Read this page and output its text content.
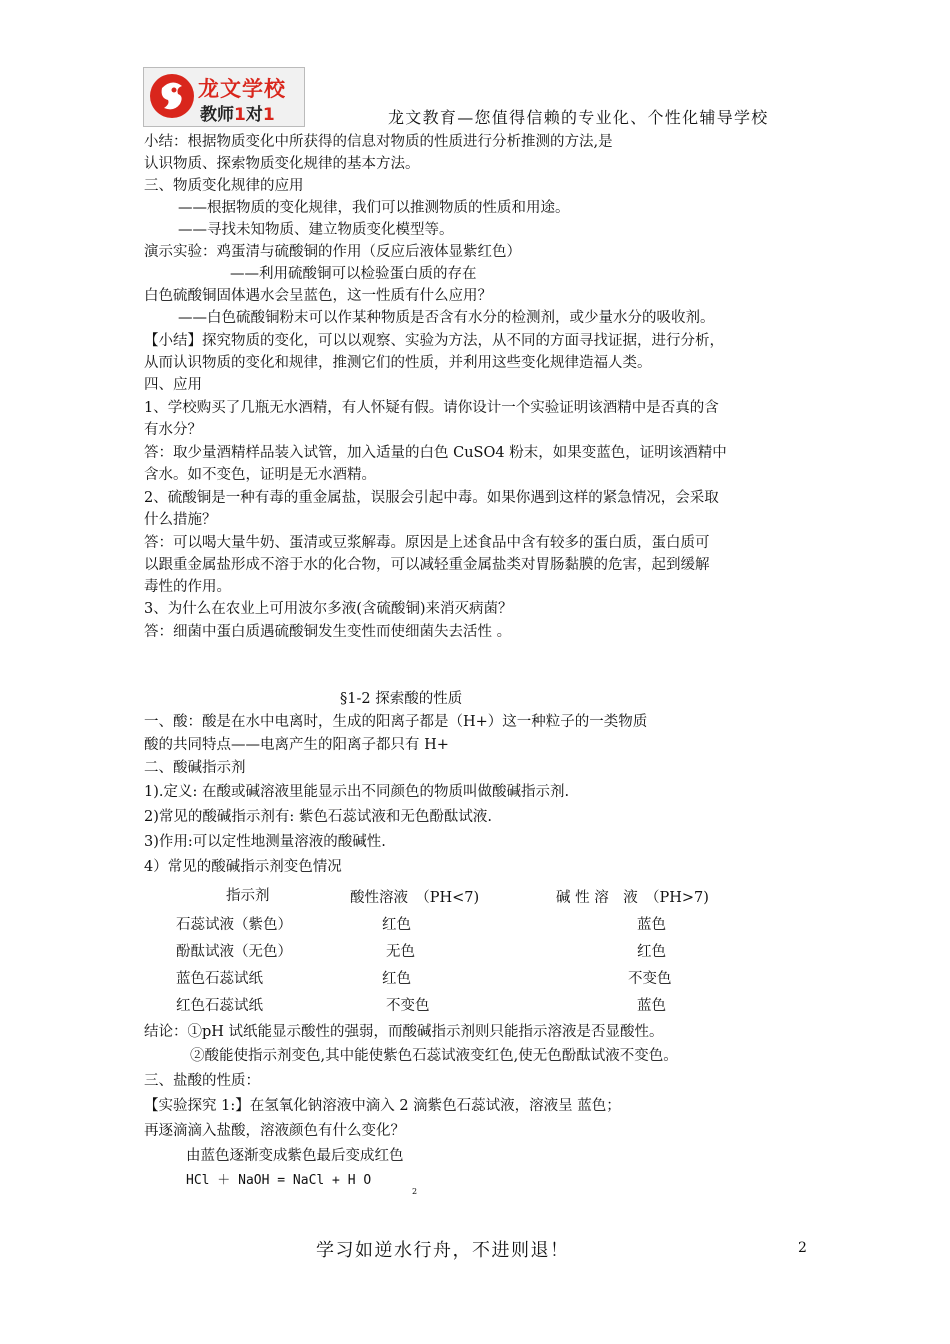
龙文学校
教师1对1	龙文教育—您值得信赖的专业化、个性化辅导学校
小结：根据物质变化中所获得的信息对物质的性质进行分析推测的方法,是
认识物质、探索物质变化规律的基本方法。
三、物质变化规律的应用
——根据物质的变化规律，我们可以推测物质的性质和用途。
——寻找未知物质、建立物质变化模型等。
演示实验：鸡蛋清与硫酸铜的作用（反应后液体显紫红色）
——利用硫酸铜可以检验蛋白质的存在
白色硫酸铜固体遇水会呈蓝色，这一性质有什么应用？
——白色硫酸铜粉末可以作某种物质是否含有水分的检测剂，或少量水分的吸收剂。
【小结】探究物质的变化，可以以观察、实验为方法，从不同的方面寻找证据，进行分析，
从而认识物质的变化和规律，推测它们的性质，并利用这些变化规律造福人类。
四、应用
1、学校购买了几瓶无水酒精，有人怀疑有假。请你设计一个实验证明该酒精中是否真的含
有水分？
答：取少量酒精样品装入试管，加入适量的白色 CuSO4 粉末，如果变蓝色，证明该酒精中
含水。如不变色，证明是无水酒精。
2、硫酸铜是一种有毒的重金属盐，误服会引起中毒。如果你遇到这样的紧急情况，会采取
什么措施？
答：可以喝大量牛奶、蛋清或豆浆解毒。原因是上述食品中含有较多的蛋白质，蛋白质可
以跟重金属盐形成不溶于水的化合物，可以减轻重金属盐类对胃肠黏膜的危害，起到缓解
毒性的作用。
3、为什么在农业上可用波尔多液(含硫酸铜)来消灭病菌？
答：细菌中蛋白质遇硫酸铜发生变性而使细菌失去活性 。
§1-2 探索酸的性质
一、酸：酸是在水中电离时，生成的阳离子都是（H+）这一种粒子的一类物质
酸的共同特点——电离产生的阳离子都只有 H+
二、酸碱指示剂
1).定义: 在酸或碱溶液里能显示出不同颜色的物质叫做酸碱指示剂.
2)常见的酸碱指示剂有: 紫色石蕊试液和无色酚酞试液.
3)作用:可以定性地测量溶液的酸碱性.
4）常见的酸碱指示剂变色情况
指示剂	酸性溶液　（PH<7)	碱 性 溶　液　（PH>7)
石蕊试液（紫色）	红色	蓝色
酚酞试液（无色）	无色	红色
蓝色石蕊试纸	红色	不变色
红色石蕊试纸	不变色	蓝色
结论：①pH 试纸能显示酸性的强弱，而酸碱指示剂则只能指示溶液是否显酸性。
②酸能使指示剂变色,其中能使紫色石蕊试液变红色,使无色酚酞试液不变色。
三、盐酸的性质：
【实验探究 1:】在氢氧化钠溶液中滴入 2 滴紫色石蕊试液，溶液呈 蓝色；
再逐滴滴入盐酸，溶液颜色有什么变化？
由蓝色逐渐变成紫色最后变成红色
HCl ＋ NaOH = NaCl + H O
2
学习如逆水行舟，不进则退！	2
